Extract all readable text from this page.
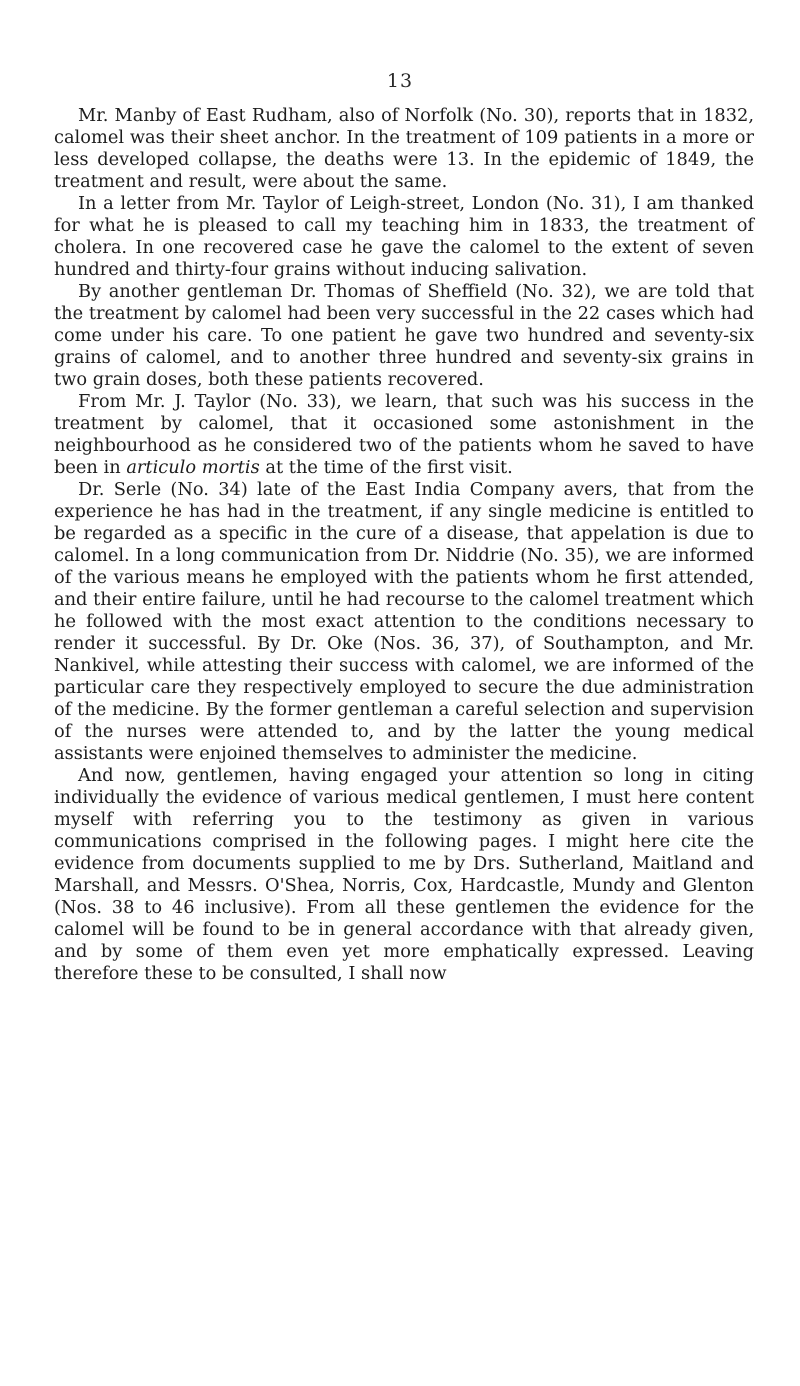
13

Mr. Manby of East Rudham, also of Norfolk (No. 30), reports that in 1832, calomel was their sheet anchor. In the treatment of 109 patients in a more or less developed collapse, the deaths were 13. In the epidemic of 1849, the treatment and result, were about the same.

In a letter from Mr. Taylor of Leigh-street, London (No. 31), I am thanked for what he is pleased to call my teaching him in 1833, the treatment of cholera. In one recovered case he gave the calomel to the extent of seven hundred and thirty-four grains without inducing salivation.

By another gentleman Dr. Thomas of Sheffield (No. 32), we are told that the treatment by calomel had been very successful in the 22 cases which had come under his care. To one patient he gave two hundred and seventy-six grains of calomel, and to another three hundred and seventy-six grains in two grain doses, both these patients recovered.

From Mr. J. Taylor (No. 33), we learn, that such was his success in the treatment by calomel, that it occasioned some astonishment in the neighbourhood as he considered two of the patients whom he saved to have been in articulo mortis at the time of the first visit.

Dr. Serle (No. 34) late of the East India Company avers, that from the experience he has had in the treatment, if any single medicine is entitled to be regarded as a specific in the cure of a disease, that appelation is due to calomel. In a long communication from Dr. Niddrie (No. 35), we are informed of the various means he employed with the patients whom he first attended, and their entire failure, until he had recourse to the calomel treatment which he followed with the most exact attention to the conditions necessary to render it successful. By Dr. Oke (Nos. 36, 37), of Southampton, and Mr. Nankivel, while attesting their success with calomel, we are informed of the particular care they respectively employed to secure the due administration of the medicine. By the former gentleman a careful selection and supervision of the nurses were attended to, and by the latter the young medical assistants were enjoined themselves to administer the medicine.

And now, gentlemen, having engaged your attention so long in citing individually the evidence of various medical gentlemen, I must here content myself with referring you to the testimony as given in various communications comprised in the following pages. I might here cite the evidence from documents supplied to me by Drs. Sutherland, Maitland and Marshall, and Messrs. O'Shea, Norris, Cox, Hardcastle, Mundy and Glenton (Nos. 38 to 46 inclusive). From all these gentlemen the evidence for the calomel will be found to be in general accordance with that already given, and by some of them even yet more emphatically expressed. Leaving therefore these to be consulted, I shall now
